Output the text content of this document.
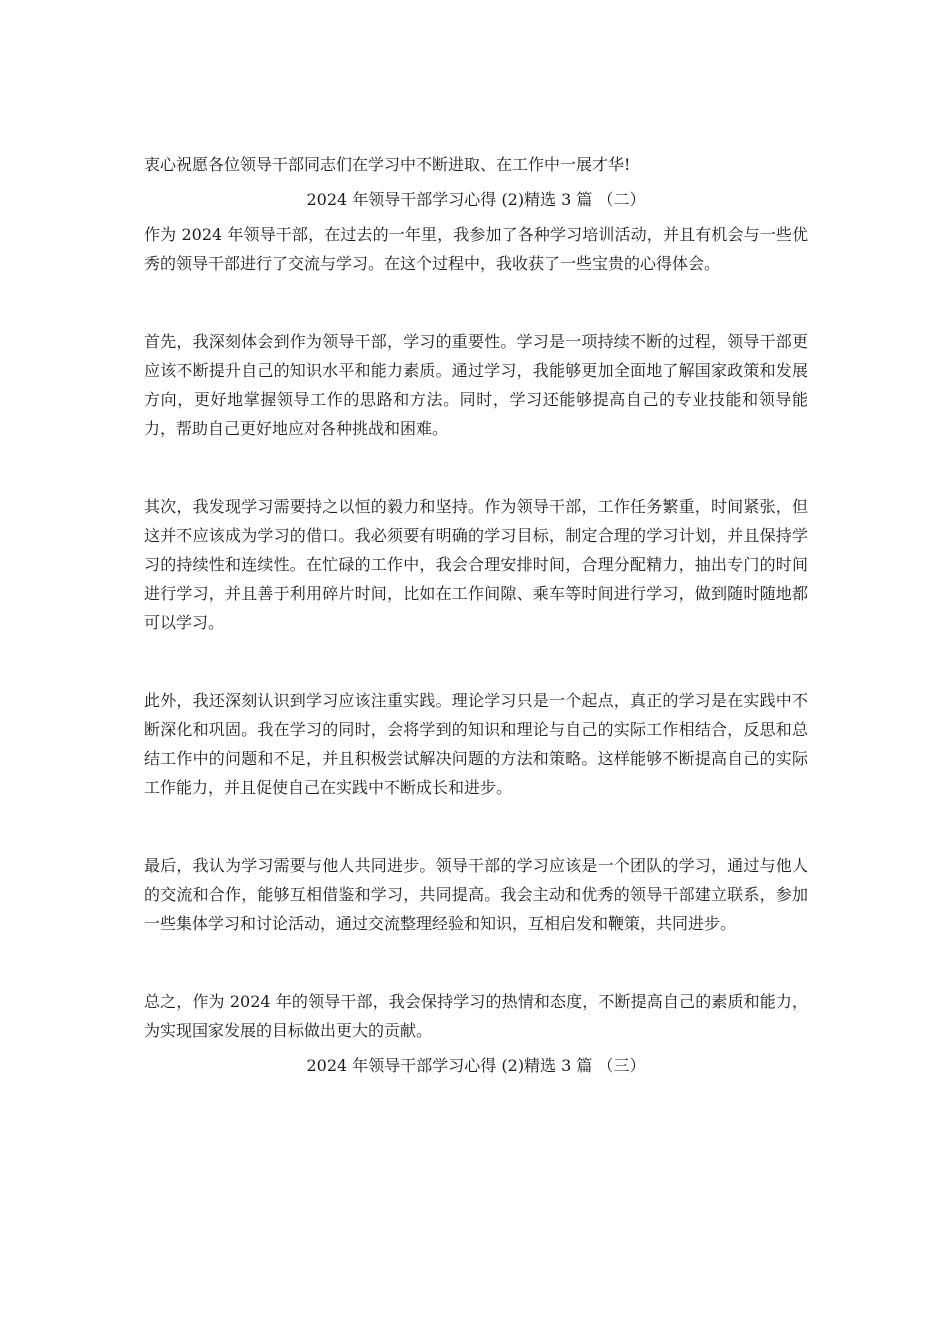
衷心祝愿各位领导干部同志们在学习中不断进取、在工作中一展才华!

2024 年领导干部学习心得 (2)精选 3 篇 （二）

作为 2024 年领导干部，在过去的一年里，我参加了各种学习培训活动，并且有机会与一些优秀的领导干部进行了交流与学习。在这个过程中，我收获了一些宝贵的心得体会。

首先，我深刻体会到作为领导干部，学习的重要性。学习是一项持续不断的过程，领导干部更应该不断提升自己的知识水平和能力素质。通过学习，我能够更加全面地了解国家政策和发展方向，更好地掌握领导工作的思路和方法。同时，学习还能够提高自己的专业技能和领导能力，帮助自己更好地应对各种挑战和困难。

其次，我发现学习需要持之以恒的毅力和坚持。作为领导干部，工作任务繁重，时间紧张，但这并不应该成为学习的借口。我必须要有明确的学习目标，制定合理的学习计划，并且保持学习的持续性和连续性。在忙碌的工作中，我会合理安排时间，合理分配精力，抽出专门的时间进行学习，并且善于利用碎片时间，比如在工作间隙、乘车等时间进行学习，做到随时随地都可以学习。

此外，我还深刻认识到学习应该注重实践。理论学习只是一个起点，真正的学习是在实践中不断深化和巩固。我在学习的同时，会将学到的知识和理论与自己的实际工作相结合，反思和总结工作中的问题和不足，并且积极尝试解决问题的方法和策略。这样能够不断提高自己的实际工作能力，并且促使自己在实践中不断成长和进步。

最后，我认为学习需要与他人共同进步。领导干部的学习应该是一个团队的学习，通过与他人的交流和合作，能够互相借鉴和学习，共同提高。我会主动和优秀的领导干部建立联系，参加一些集体学习和讨论活动，通过交流整理经验和知识，互相启发和鞭策，共同进步。

总之，作为 2024 年的领导干部，我会保持学习的热情和态度，不断提高自己的素质和能力，为实现国家发展的目标做出更大的贡献。

2024 年领导干部学习心得 (2)精选 3 篇 （三）
